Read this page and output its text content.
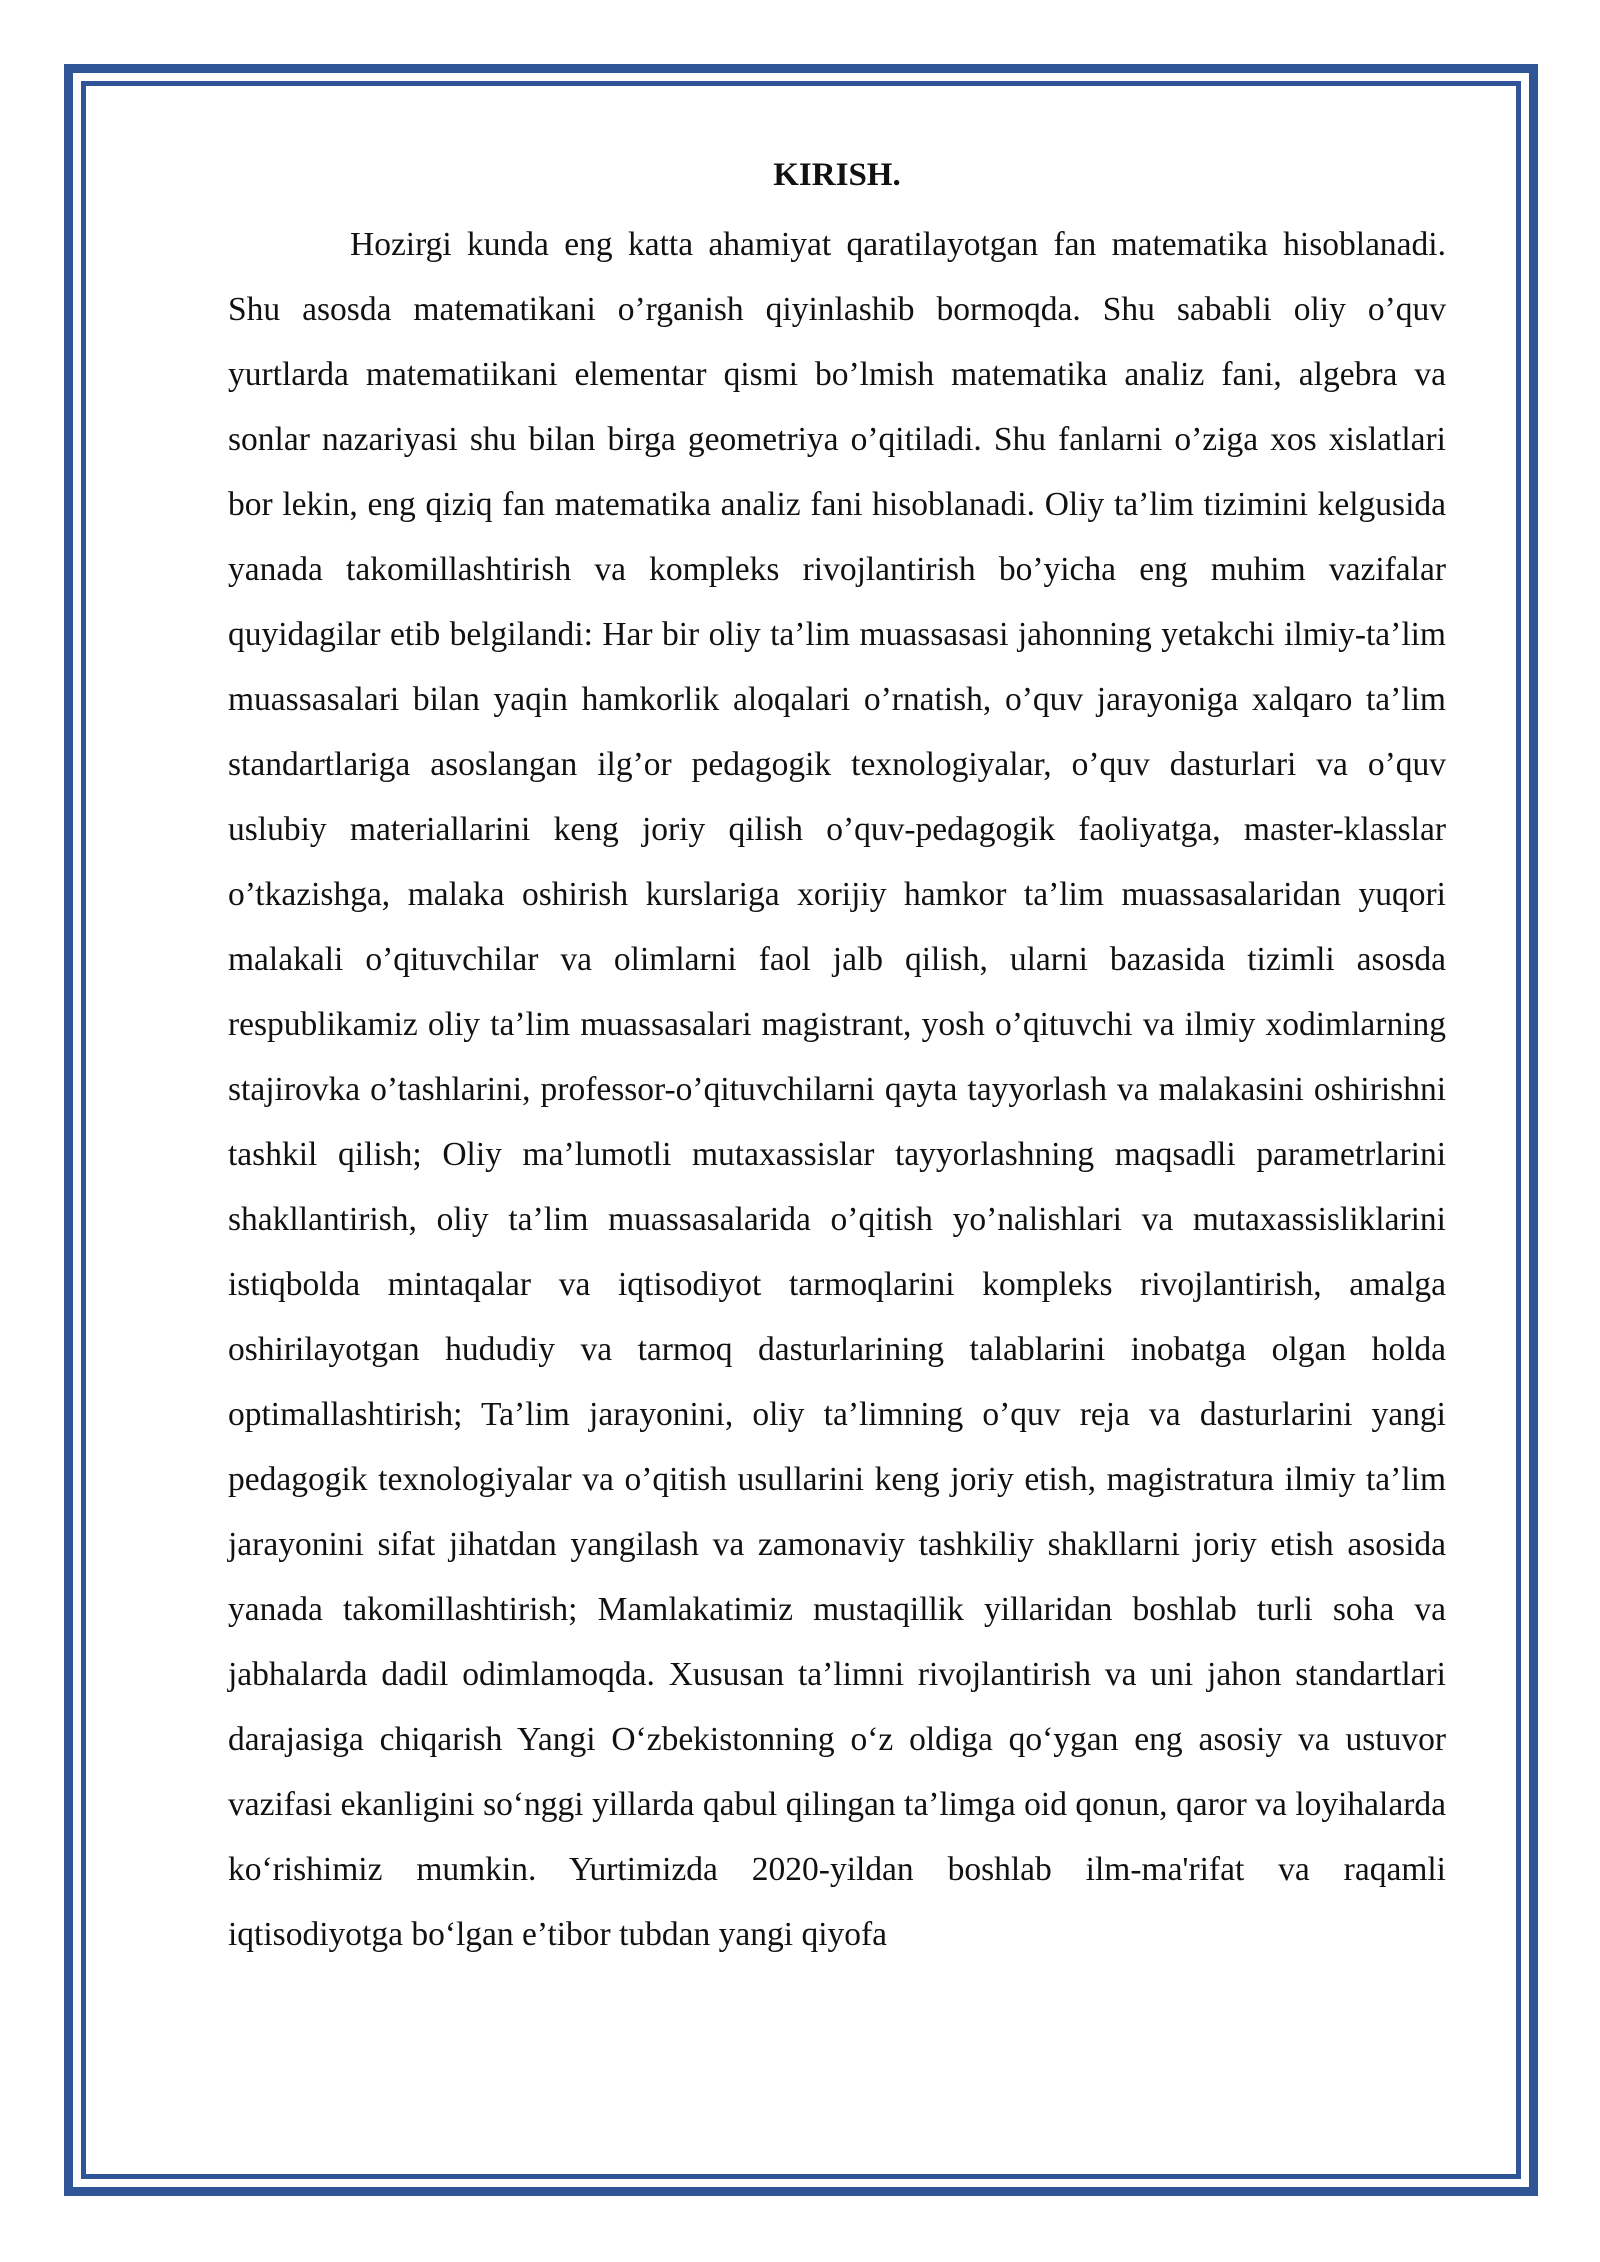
KIRISH.

Hozirgi kunda eng katta ahamiyat qaratilayotgan fan matematika hisoblanadi. Shu asosda matematikani o’rganish qiyinlashib bormoqda. Shu sababli oliy o’quv yurtlarda matematiikani elementar qismi bo’lmish matematika analiz fani, algebra va sonlar nazariyasi shu bilan birga geometriya o’qitiladi. Shu fanlarni o’ziga xos xislatlari bor lekin, eng qiziq fan matematika analiz fani hisoblanadi. Oliy ta’lim tizimini kelgusida yanada takomillashtirish va kompleks rivojlantirish bo’yicha eng muhim vazifalar quyidagilar etib belgilandi: Har bir oliy ta’lim muassasasi jahonning yetakchi ilmiy-ta’lim muassasalari bilan yaqin hamkorlik aloqalari o’rnatish, o’quv jarayoniga xalqaro ta’lim standartlariga asoslangan ilg’or pedagogik texnologiyalar, o’quv dasturlari va o’quv uslubiy materiallarini keng joriy qilish o’quv-pedagogik faoliyatga, master-klasslar o’tkazishga, malaka oshirish kurslariga xorijiy hamkor ta’lim muassasalaridan yuqori malakali o’qituvchilar va olimlarni faol jalb qilish, ularni bazasida tizimli asosda respublikamiz oliy ta’lim muassasalari magistrant, yosh o’qituvchi va ilmiy xodimlarning stajirovka o’tashlarini, professor-o’qituvchilarni qayta tayyorlash va malakasini oshirishni tashkil qilish; Oliy ma’lumotli mutaxassislar tayyorlashning maqsadli parametrlarini shakllantirish, oliy ta’lim muassasalarida o’qitish yo’nalishlari va mutaxassisliklarini istiqbolda mintaqalar va iqtisodiyot tarmoqlarini kompleks rivojlantirish, amalga oshirilayotgan hududiy va tarmoq dasturlarining talablarini inobatga olgan holda optimallashtirish; Ta’lim jarayonini, oliy ta’limning o’quv reja va dasturlarini yangi pedagogik texnologiyalar va o’qitish usullarini keng joriy etish, magistratura ilmiy ta’lim jarayonini sifat jihatdan yangilash va zamonaviy tashkiliy shakllarni joriy etish asosida yanada takomillashtirish; Mamlakatimiz mustaqillik yillaridan boshlab turli soha va jabhalarda dadil odimlamoqda. Xususan ta’limni rivojlantirish va uni jahon standartlari darajasiga chiqarish Yangi O‘zbekistonning o‘z oldiga qo‘ygan eng asosiy va ustuvor vazifasi ekanligini so‘nggi yillarda qabul qilingan ta’limga oid qonun, qaror va loyihalarda ko‘rishimiz mumkin. Yurtimizda 2020-yildan boshlab ilm-ma'rifat va raqamli iqtisodiyotga bo‘lgan e’tibor tubdan yangi qiyofa
